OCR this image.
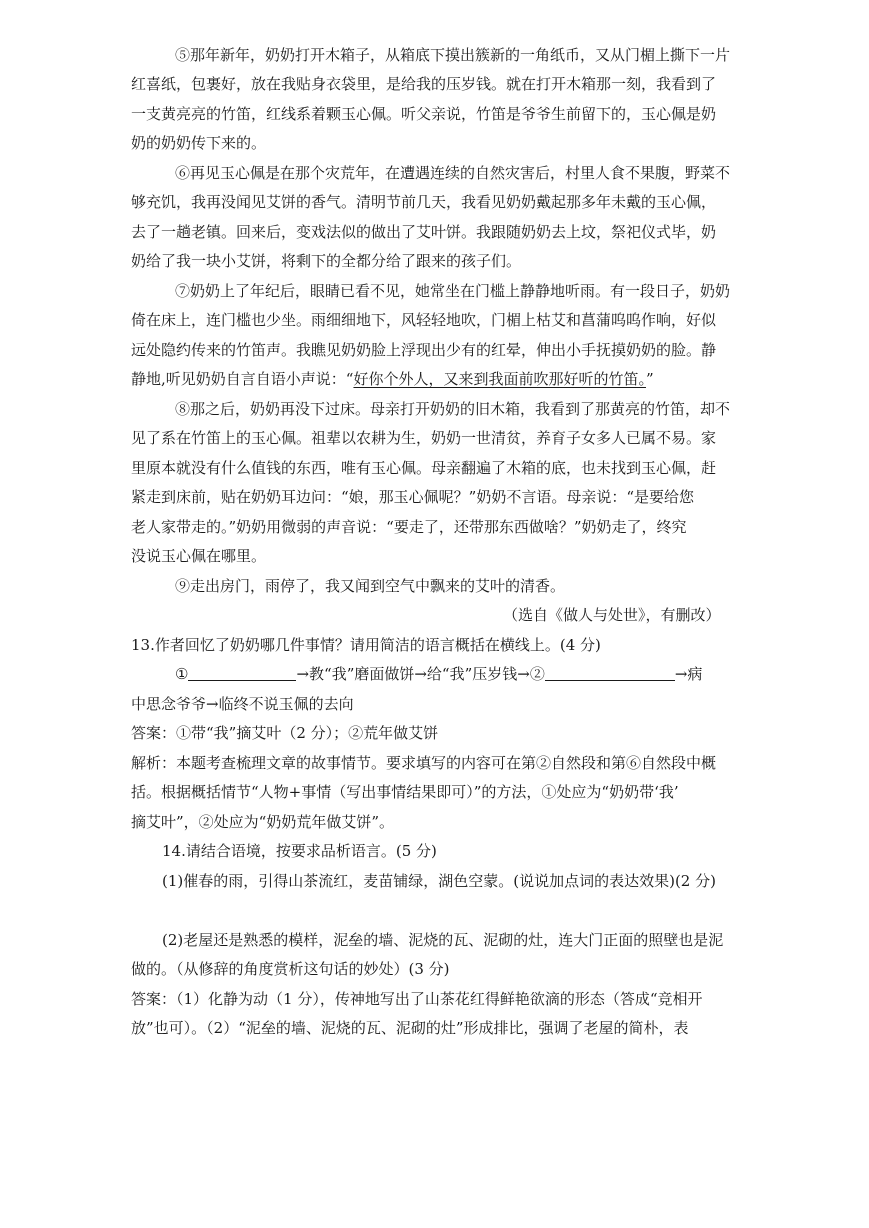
⑤那年新年，奶奶打开木箱子，从箱底下摸出簇新的一角纸币，又从门楣上撕下一片
红喜纸，包裹好，放在我贴身衣袋里，是给我的压岁钱。就在打开木箱那一刻，我看到了
一支黄亮亮的竹笛，红线系着颗玉心佩。听父亲说，竹笛是爷爷生前留下的，玉心佩是奶
奶的奶奶传下来的。
⑥再见玉心佩是在那个灾荒年，在遭遇连续的自然灾害后，村里人食不果腹，野菜不
够充饥，我再没闻见艾饼的香气。清明节前几天，我看见奶奶戴起那多年未戴的玉心佩，
去了一趟老镇。回来后，变戏法似的做出了艾叶饼。我跟随奶奶去上坟，祭祀仪式毕，奶
奶给了我一块小艾饼，将剩下的全都分给了跟来的孩子们。
⑦奶奶上了年纪后，眼睛已看不见，她常坐在门槛上静静地听雨。有一段日子，奶奶
倚在床上，连门槛也少坐。雨细细地下，风轻轻地吹，门楣上枯艾和菖蒲呜呜作响，好似
远处隐约传来的竹笛声。我瞧见奶奶脸上浮现出少有的红晕，伸出小手抚摸奶奶的脸。静
静地,听见奶奶自言自语小声说：“好你个外人，又来到我面前吹那好听的竹笛。”
⑧那之后，奶奶再没下过床。母亲打开奶奶的旧木箱，我看到了那黄亮的竹笛，却不
见了系在竹笛上的玉心佩。祖辈以农耕为生，奶奶一世清贫，养育子女多人已属不易。家
里原本就没有什么值钱的东西，唯有玉心佩。母亲翻遍了木箱的底，也未找到玉心佩，赶
紧走到床前，贴在奶奶耳边问：“娘，那玉心佩呢？”奶奶不言语。母亲说：“是要给您
老人家带走的。”奶奶用微弱的声音说：“要走了，还带那东西做啥？”奶奶走了，终究
没说玉心佩在哪里。
⑨走出房门，雨停了，我又闻到空气中飘来的艾叶的清香。
（选自《做人与处世》，有删改）
13.作者回忆了奶奶哪几件事情？请用简洁的语言概括在横线上。(4 分)
①	→教“我”磨面做饼→给“我”压岁钱→②	→病
中思念爷爷→临终不说玉佩的去向
答案：①带“我”摘艾叶（2 分）；②荒年做艾饼
解析：本题考查梳理文章的故事情节。要求填写的内容可在第②自然段和第⑥自然段中概
括。根据概括情节“人物+事情（写出事情结果即可）”的方法，①处应为“奶奶带‘我’
摘艾叶”，②处应为“奶奶荒年做艾饼”。
14.请结合语境，按要求品析语言。(5 分)
(1)催春的雨，引得山茶流红，麦苗铺绿，湖色空蒙。(说说加点词的表达效果)(2 分)
(2)老屋还是熟悉的模样，泥垒的墙、泥烧的瓦、泥砌的灶，连大门正面的照壁也是泥
做的。（从修辞的角度赏析这句话的妙处）(3 分)
答案：（1）化静为动（1 分），传神地写出了山茶花红得鲜艳欲滴的形态（答成“竞相开
放”也可）。（2）“泥垒的墙、泥烧的瓦、泥砌的灶”形成排比，强调了老屋的简朴，表
